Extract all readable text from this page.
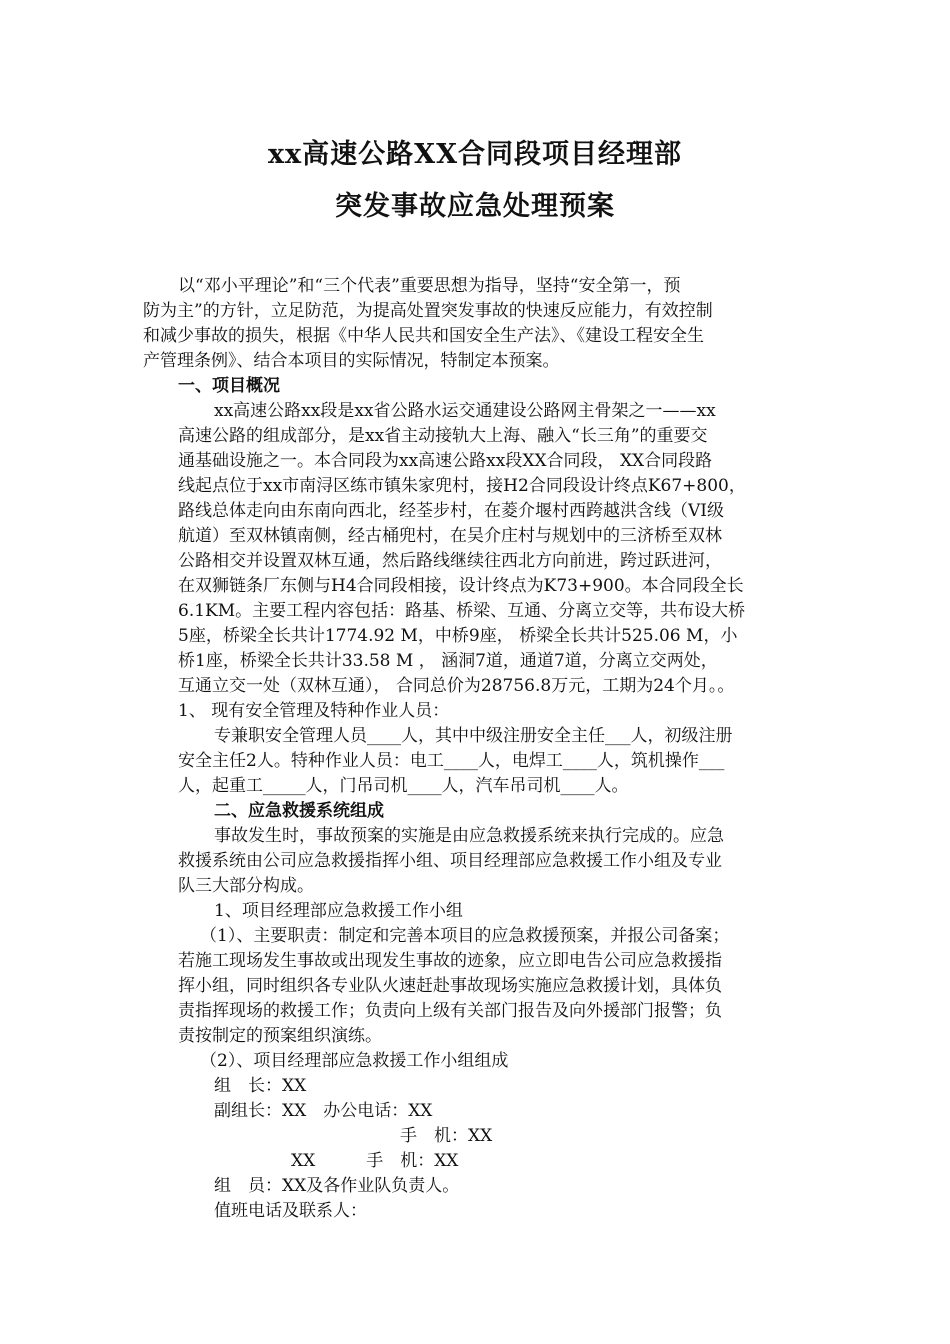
xx高速公路XX合同段项目经理部
突发事故应急处理预案

以“邓小平理论”和“三个代表”重要思想为指导，坚持“安全第一，预

防为主”的方针，立足防范，为提高处置突发事故的快速反应能力，有效控制

和减少事故的损失，根据《中华人民共和国安全生产法》、《建设工程安全生

产管理条例》、结合本项目的实际情况，特制定本预案。

一、项目概况

xx高速公路xx段是xx省公路水运交通建设公路网主骨架之一——xx

高速公路的组成部分，是xx省主动接轨大上海、融入“长三角”的重要交

通基础设施之一。本合同段为xx高速公路xx段XX合同段， XX合同段路

线起点位于xx市南浔区练市镇朱家兜村，接H2合同段设计终点K67+800，

路线总体走向由东南向西北，经荃步村，在菱介堰村西跨越洪含线（VI级

航道）至双林镇南侧，经古桶兜村，在吴介庄村与规划中的三济桥至双林

公路相交并设置双林互通，然后路线继续往西北方向前进，跨过跃进河，

在双狮链条厂东侧与H4合同段相接，设计终点为K73+900。本合同段全长

6.1KM。主要工程内容包括：路基、桥梁、互通、分离立交等，共布设大桥

5座，桥梁全长共计1774.92 M，中桥9座， 桥梁全长共计525.06 M，小

桥1座，桥梁全长共计33.58 M ， 涵洞7道，通道7道，分离立交两处，

互通立交一处（双林互通）， 合同总价为28756.8万元，工期为24个月。。

1、 现有安全管理及特种作业人员：

专兼职安全管理人员____人，其中中级注册安全主任___人，初级注册

安全主任2人。特种作业人员：电工____人，电焊工____人，筑机操作___

人，起重工_____人，门吊司机____人，汽车吊司机____人。

二、应急救援系统组成

事故发生时，事故预案的实施是由应急救援系统来执行完成的。应急

救援系统由公司应急救援指挥小组、项目经理部应急救援工作小组及专业

队三大部分构成。

1、项目经理部应急救援工作小组

（1）、主要职责：制定和完善本项目的应急救援预案，并报公司备案；

若施工现场发生事故或出现发生事故的迹象，应立即电告公司应急救援指

挥小组，同时组织各专业队火速赶赴事故现场实施应急救援计划，具体负

责指挥现场的救援工作；负责向上级有关部门报告及向外援部门报警；负

责按制定的预案组织演练。

（2）、项目经理部应急救援工作小组组成

组　长：XX

副组长：XX　办公电话：XX

手　机：XX

XX　　　手　机：XX

组　员：XX及各作业队负责人。

值班电话及联系人：
